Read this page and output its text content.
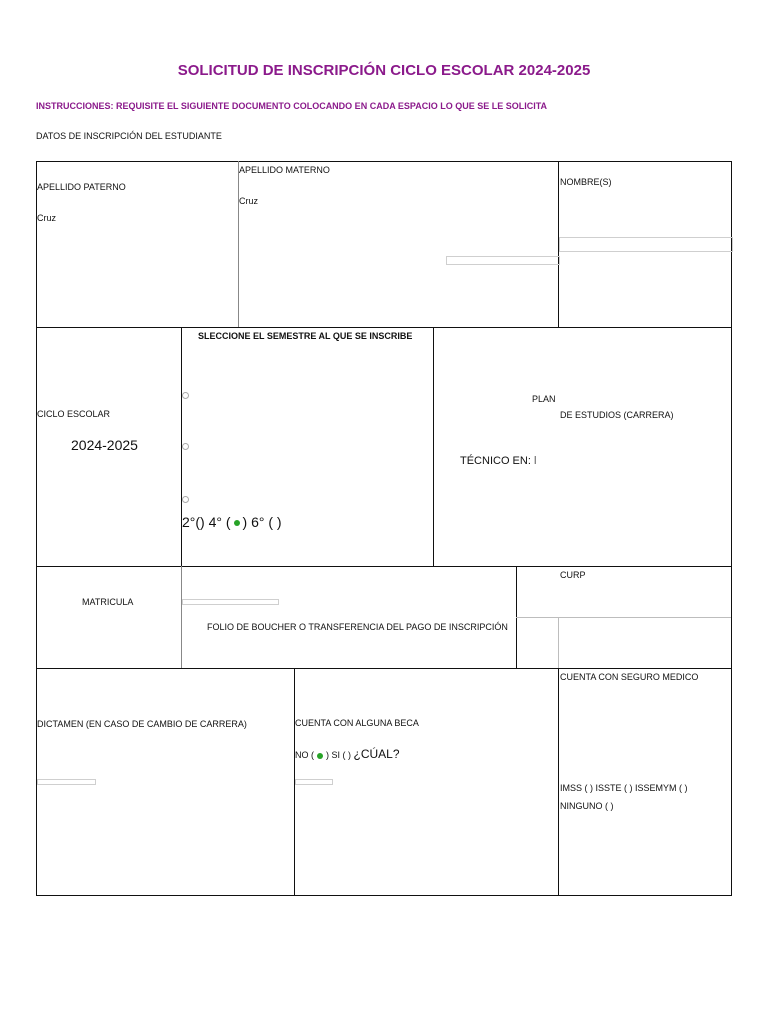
SOLICITUD DE INSCRIPCIÓN CICLO ESCOLAR 2024-2025
INSTRUCCIONES: REQUISITE EL SIGUIENTE DOCUMENTO COLOCANDO EN CADA ESPACIO LO QUE SE LE SOLICITA
DATOS DE INSCRIPCIÓN DEL ESTUDIANTE
APELLIDO PATERNO
Cruz
APELLIDO MATERNO
Cruz
NOMBRE(S)
CICLO ESCOLAR
2024-2025
SLECCIONE EL SEMESTRE AL QUE SE INSCRIBE
2°() 4° ( ) 6° ( )
PLAN
DE ESTUDIOS (CARRERA)
TÉCNICO EN: l
MATRICULA
FOLIO DE BOUCHER O TRANSFERENCIA DEL PAGO DE INSCRIPCIÓN
CURP
DICTAMEN (EN CASO DE CAMBIO DE CARRERA)	CUENTA CON ALGUNA BECA
NO ( ) SI ( ) ¿CÚAL?
CUENTA CON SEGURO MEDICO
IMSS ( ) ISSTE ( ) ISSEMYM ( )
NINGUNO ( )
